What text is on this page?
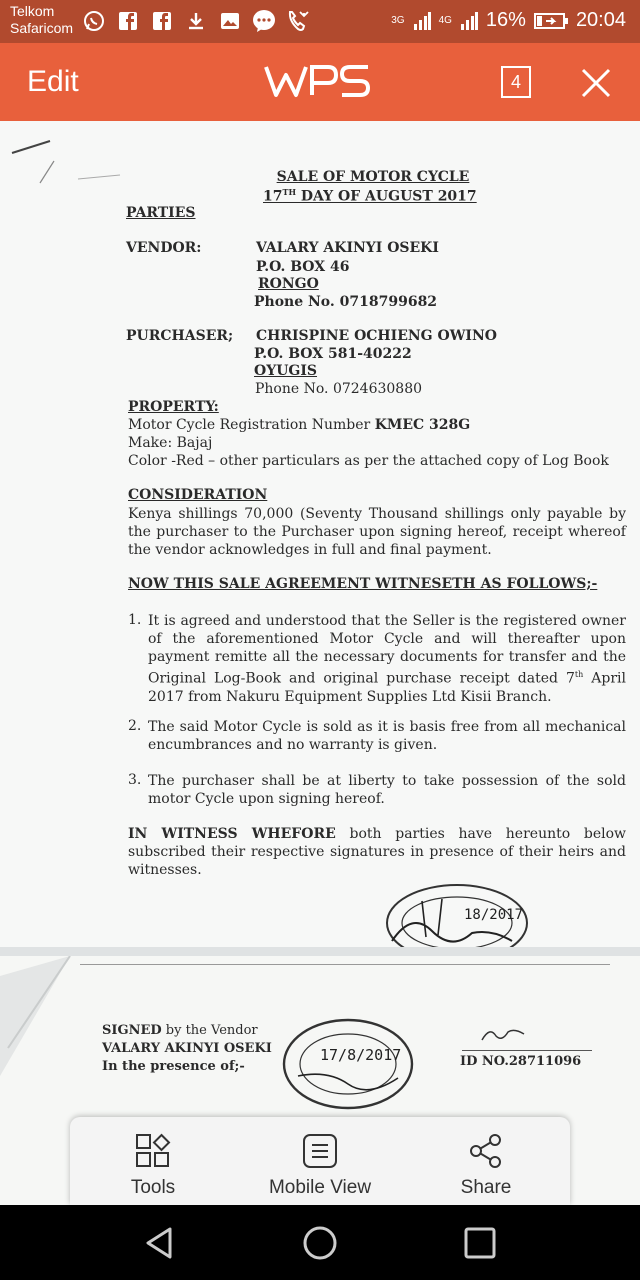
Telkom
Safaricom	3G	4G 16%	20:04
Edit	4
SALE OF MOTOR CYCLE
17TH DAY OF AUGUST 2017
PARTIES
VENDOR:	VALARY AKINYI OSEKI
P.O. BOX 46
RONGO
Phone No. 0718799682
PURCHASER; CHRISPINE OCHIENG OWINO
P.O. BOX 581-40222
OYUGIS
Phone No. 0724630880
PROPERTY:
Motor Cycle Registration Number KMEC 328G
Make: Bajaj
Color -Red – other particulars as per the attached copy of Log Book
CONSIDERATION
Kenya shillings 70,000 (Seventy Thousand shillings only payable by the purchaser to the Purchaser upon signing hereof, receipt whereof the vendor acknowledges in full and final payment.
NOW THIS SALE AGREEMENT WITNESETH AS FOLLOWS;-
1. It is agreed and understood that the Seller is the registered owner of the aforementioned Motor Cycle and will thereafter upon payment remitte all the necessary documents for transfer and the Original Log-Book and original purchase receipt dated 7th April 2017 from Nakuru Equipment Supplies Ltd Kisii Branch.
2. The said Motor Cycle is sold as it is basis free from all mechanical encumbrances and no warranty is given.
3. The purchaser shall be at liberty to take possession of the sold motor Cycle upon signing hereof.
IN WITNESS WHEFORE both parties have hereunto below subscribed their respective signatures in presence of their heirs and witnesses.
18/2017
SIGNED by the Vendor
VALARY AKINYI OSEKI
In the presence of;-
17/8/2017	ID NO.28711096
Tools	Mobile View	Share
